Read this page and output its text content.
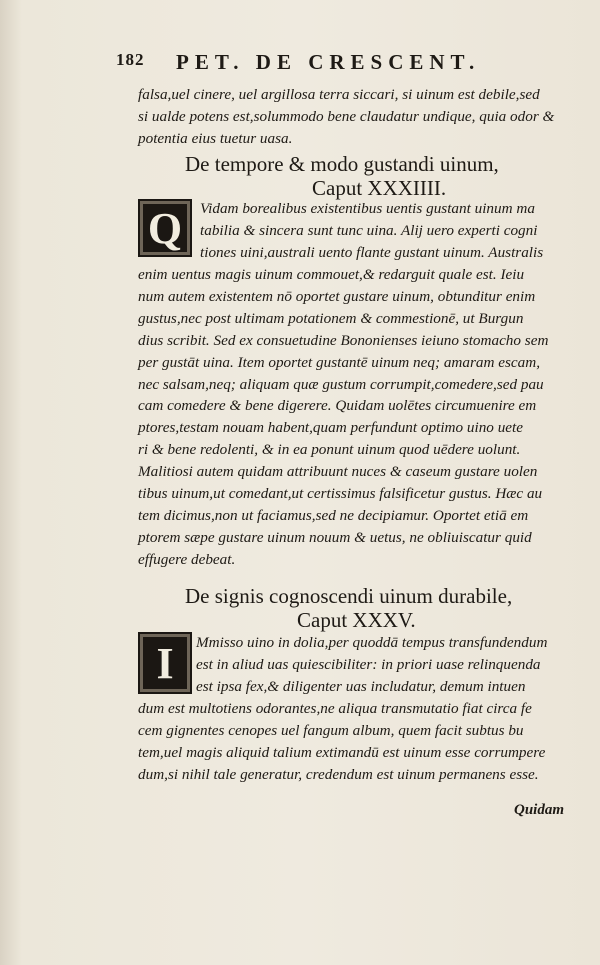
182 PET. DE CRESCENT.

falsa,uel cinere, uel argillosa terra siccari, si uinum est debile,sed

si ualde potens est,solummodo bene claudatur undique, quia odor &

potentia eius tuetur uasa.

De tempore & modo gustandi uinum,
Caput XXXIIII.
Q	Vidam borealibus existentibus uentis gustant uinum ma

tabilia & sincera sunt tunc uina. Alij uero experti cogni

tiones uini,australi uento flante gustant uinum. Australis

enim uentus magis uinum commouet,& redarguit quale est. Ieiu

num autem existentem nō oportet gustare uinum, obtunditur enim

gustus,nec post ultimam potationem & commestionē, ut Burgun

dius scribit. Sed ex consuetudine Bononienses ieiuno stomacho sem

per gustāt uina. Item oportet gustantē uinum neq; amaram escam,

nec salsam,neq; aliquam quæ gustum corrumpit,comedere,sed pau

cam comedere & bene digerere. Quidam uolētes circumuenire em

ptores,testam nouam habent,quam perfundunt optimo uino uete

ri & bene redolenti, & in ea ponunt uinum quod uēdere uolunt.

Malitiosi autem quidam attribuunt nuces & caseum gustare uolen

tibus uinum,ut comedant,ut certissimus falsificetur gustus. Hæc au

tem dicimus,non ut faciamus,sed ne decipiamur. Oportet etiā em

ptorem sæpe gustare uinum nouum & uetus, ne obliuiscatur quid

effugere debeat.

De signis cognoscendi uinum durabile,
Caput XXXV.
I	Mmisso uino in dolia,per quoddā tempus transfundendum

est in aliud uas quiescibiliter: in priori uase relinquenda

est ipsa fex,& diligenter uas includatur, demum intuen

dum est multotiens odorantes,ne aliqua transmutatio fiat circa fe

cem gignentes cenopes uel fangum album, quem facit subtus bu

tem,uel magis aliquid talium extimandū est uinum esse corrumpere

dum,si nihil tale generatur, credendum est uinum permanens esse.

Quidam
